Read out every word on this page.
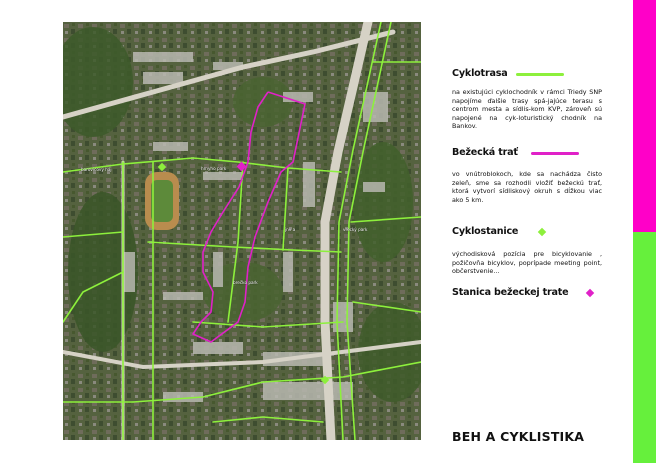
barovicový háj	hrnyho park
jnv a	vrecký park
brečko park
Cyklotrasa
na existujúci cyklochodník v rámci Triedy SNP napojíme ďalšie trasy spá-jajúce terasu s centrom mesta a sídlis-kom KVP, zároveň sú napojené na cyk-loturistický chodník na Bankov.
Bežecká trať
vo vnútroblokoch, kde sa nachádza čisto zeleň, sme sa rozhodli vložiť bežeckú trať, ktorá vytvorí sídliskový okruh s dĺžkou viac ako 5 km.
Cyklostanice
východisková pozícia pre bicyklovanie , požičovňa bicyklov, poprípade meeting point, občerstvenie...
Stanica bežeckej trate
BEH A CYKLISTIKA
